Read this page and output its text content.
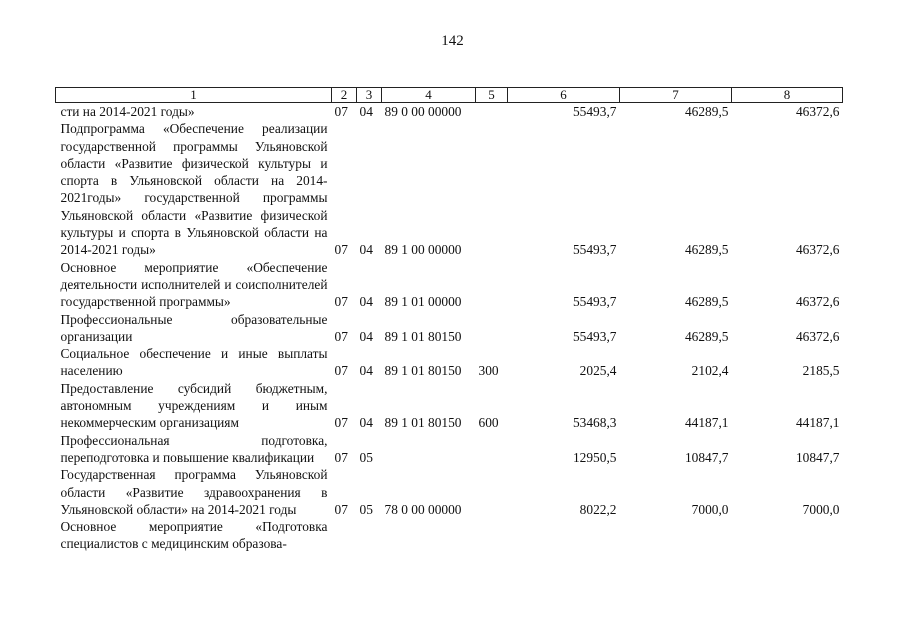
142
1	2	3	4	5	6	7	8
сти на 2014-2021 годы»	07	04	89 0 00 00000		55493,7	46289,5	46372,6
Подпрограмма «Обеспечение реализации государственной программы Ульяновской области «Развитие физической культуры и спорта в Ульяновской области на 2014-2021годы» государственной программы Ульяновской области «Развитие физической культуры и спорта в Ульяновской области на 2014-2021 годы»	07	04	89 1 00 00000		55493,7	46289,5	46372,6
Основное мероприятие «Обеспечение деятельности исполнителей и соисполнителей государственной программы»	07	04	89 1 01 00000		55493,7	46289,5	46372,6
Профессиональные образовательные организации	07	04	89 1 01 80150		55493,7	46289,5	46372,6
Социальное обеспечение и иные выплаты населению	07	04	89 1 01 80150	300	2025,4	2102,4	2185,5
Предоставление субсидий бюджетным, автономным учреждениям и иным некоммерческим организациям	07	04	89 1 01 80150	600	53468,3	44187,1	44187,1
Профессиональная подготовка, переподготовка и повышение квалификации	07	05			12950,5	10847,7	10847,7
Государственная программа Ульяновской области «Развитие здравоохранения в Ульяновской области» на 2014-2021 годы	07	05	78 0 00 00000		8022,2	7000,0	7000,0
Основное мероприятие «Подготовка специалистов с медицинским образова-							
